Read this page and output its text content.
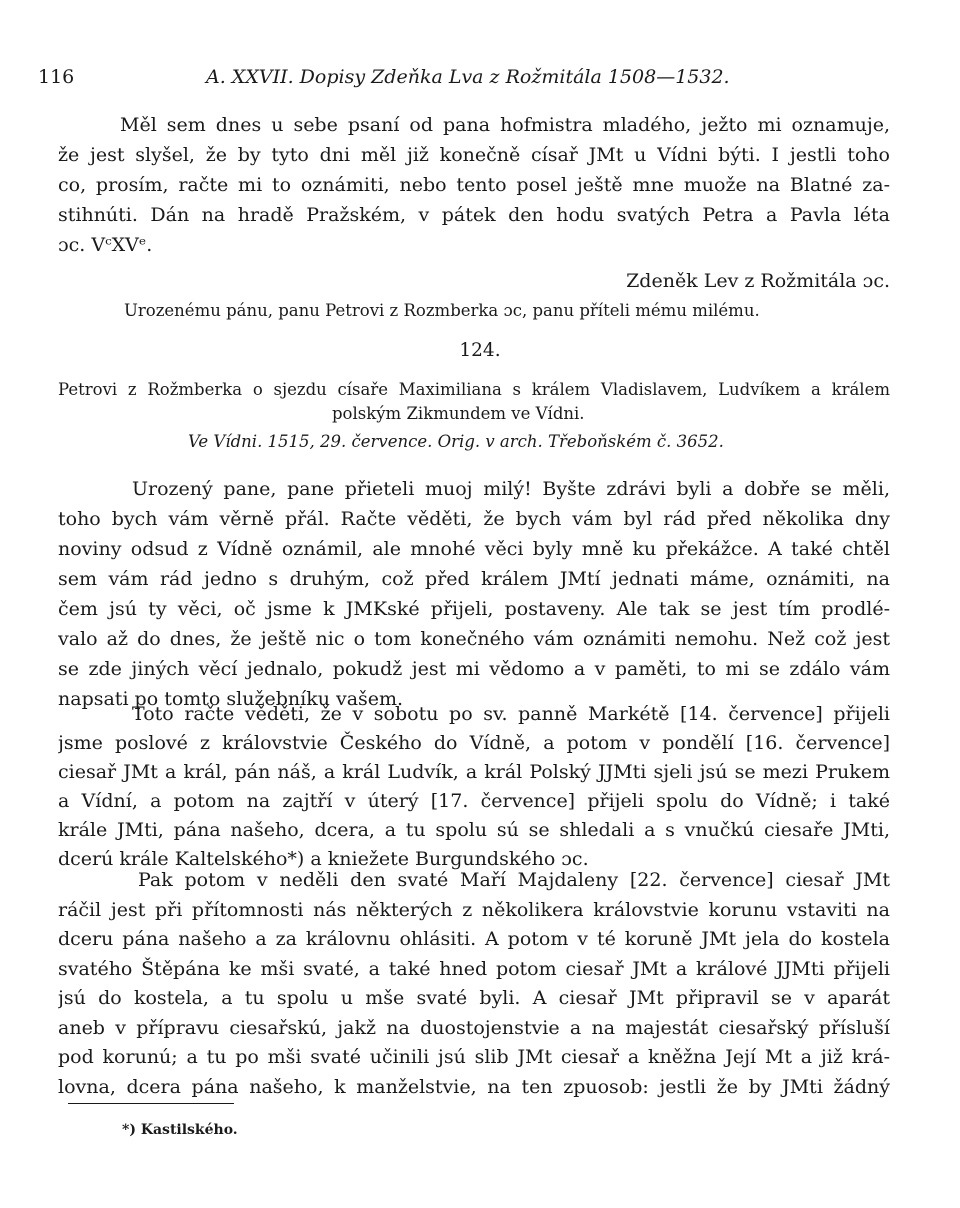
116	A. XXVII. Dopisy Zdeňka Lva z Rožmitála 1508—1532.
Měl sem dnes u sebe psaní od pana hofmistra mladého, ježto mi oznamuje,
že jest slyšel, že by tyto dni měl již konečně císař JMt u Vídni býti. I jestli toho
co, prosím, račte mi to oznámiti, nebo tento posel ještě mne muože na Blatné za-
stihnúti. Dán na hradě Pražském, v pátek den hodu svatých Petra a Pavla léta
ɔc. VᶜXVᵉ.
Zdeněk Lev z Rožmitála ɔc.
Urozenému pánu, panu Petrovi z Rozmberka ɔc, panu příteli mému milému.
124.
Petrovi z Rožmberka o sjezdu císaře Maximiliana s králem Vladislavem, Ludvíkem a králem
polským Zikmundem ve Vídni.
Ve Vídni. 1515, 29. července. Orig. v arch. Třeboňském č. 3652.
Urozený pane, pane přieteli muoj milý! Byšte zdrávi byli a dobře se měli,
toho bych vám věrně přál. Račte věděti, že bych vám byl rád před několika dny
noviny odsud z Vídně oznámil, ale mnohé věci byly mně ku překážce. A také chtěl
sem vám rád jedno s druhým, což před králem JMtí jednati máme, oznámiti, na
čem jsú ty věci, oč jsme k JMKské přijeli, postaveny. Ale tak se jest tím prodlé-
valo až do dnes, že ještě nic o tom konečného vám oznámiti nemohu. Než což jest
se zde jiných věcí jednalo, pokudž jest mi vědomo a v paměti, to mi se zdálo vám
napsati po tomto služebníku vašem.
Toto račte věděti, že v sobotu po sv. panně Markétě [14. července] přijeli
jsme poslové z královstvie Českého do Vídně, a potom v pondělí [16. července]
ciesař JMt a král, pán náš, a král Ludvík, a král Polský JJMti sjeli jsú se mezi Prukem
a Vídní, a potom na zajtří v úterý [17. července] přijeli spolu do Vídně; i také
krále JMti, pána našeho, dcera, a tu spolu sú se shledali a s vnučkú ciesaře JMti,
dcerú krále Kaltelského*) a kniežete Burgundského ɔc.
Pak potom v neděli den svaté Maří Majdaleny [22. července] ciesař JMt
ráčil jest při přítomnosti nás některých z několikera královstvie korunu vstaviti na
dceru pána našeho a za královnu ohlásiti. A potom v té koruně JMt jela do kostela
svatého Štěpána ke mši svaté, a také hned potom ciesař JMt a králové JJMti přijeli
jsú do kostela, a tu spolu u mše svaté byli. A ciesař JMt připravil se v aparát
aneb v přípravu ciesařskú, jakž na duostojenstvie a na majestát ciesařský přísluší
pod korunú; a tu po mši svaté učinili jsú slib JMt ciesař a kněžna Její Mt a již krá-
lovna, dcera pána našeho, k manželstvie, na ten zpuosob: jestli že by JMti žádný
*) Kastilského.
